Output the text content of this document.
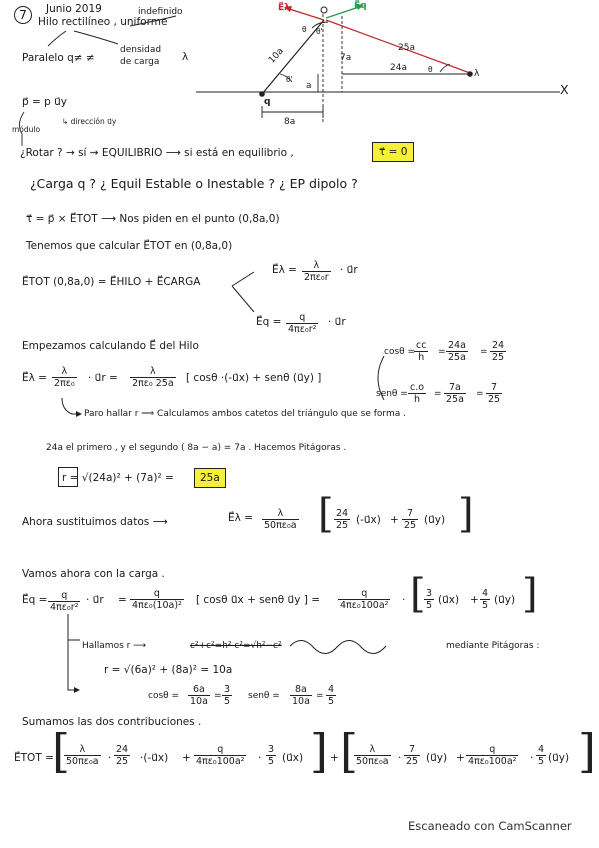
7	Junio 2019
Hilo rectilíneo , uniforme
indefinido
Paralelo q≠ ≠
densidad
de carga λ
E⃗λ	E⃗q
θ θ'
10a
θ'
7a
25a
24a	θ
a
q
8a
X
λ
p⃗ = p u⃗y
módulo
↳ dirección u⃗y
¿Rotar ? → sí ⇝ EQUILIBRIO ⟶ si está en equilibrio ,	τ⃗ = 0
¿Carga q ? ¿ Equil Estable o Inestable ? ¿ EP dipolo ?
τ⃗ = p⃗ × E⃗TOT ⟶ Nos piden en el punto (0,8a,0)
Tenemos que calcular E⃗TOT en (0,8a,0)
E⃗TOT (0,8a,0) = E⃗HILO + E⃗CARGA
E⃗λ = $\frac{\lambda}{\text{2πε₀r}}$ · u⃗r
E⃗q = $\frac{q}{\text{4πε₀r²}}$ · u⃗r
Empezamos calculando E⃗ del Hilo
E⃗λ = $\frac{\lambda}{\text{2πε₀}}$ · u⃗r = $\frac{\lambda}{\text{2πε₀ 25a}}$ [ cosθ ·(-u⃗x) + senθ (u⃗y) ]
cosθ =
$\frac{cc}{h} = \frac{24a}{25a} = \frac{24}{25}$
$sen\theta = \frac{c.o}{h} = \frac{7a}{25a} = \frac{7}{25}$
Paro hallar r ⟹ Calculamos ambos catetos del triángulo que se forma .
24a el primero , y el segundo ( 8a − a) = 7a . Hacemos Pitágoras .
r = √(24a)² + (7a)² =	25a
Ahora sustituimos datos ⟶	E⃗λ = $\frac{\lambda}{\text{50πε₀a}}$ [ $\frac{24}{25}$ (-u⃗x) + $\frac{7}{25}$ (u⃗y) ]
Vamos ahora con la carga .
E⃗q = $\frac{q}{\text{4πε₀r²}}$ · u⃗r = $\frac{q}{\text{4πε₀(10a)²}}$ [ cosθ u⃗x + senθ u⃗y ] = $\frac{q}{\text{4πε₀100a²}}$ · [
$\frac{3}{5}$ (u⃗x) + $\frac{4}{5}$ (u⃗y) ]
Hallamos r ⟶	c²+c²=h² c²=√h²−c²	mediante Pitágoras :
r = √(6a)² + (8a)² = 10a
$\cos\theta = \frac{6a}{10a} = \frac{3}{5}$ $sen\theta = \frac{8a}{10a} = \frac{4}{5}$
Sumamos las dos contribuciones .
E⃗TOT =
[
$\frac{\lambda}{\text{50πε₀a}} \cdot \frac{24}{25}$ ·(-u⃗x) + $\frac{q}{\text{4πε₀100a²}} \cdot \frac{3}{5}$ (u⃗x) ] + [
$\frac{\lambda}{\text{50πε₀a}} \cdot \frac{7}{25}$ (u⃗y) + $\frac{q}{\text{4πε₀100a²}} \cdot \frac{4}{5}$ (u⃗y) ]
Escaneado con CamScanner
